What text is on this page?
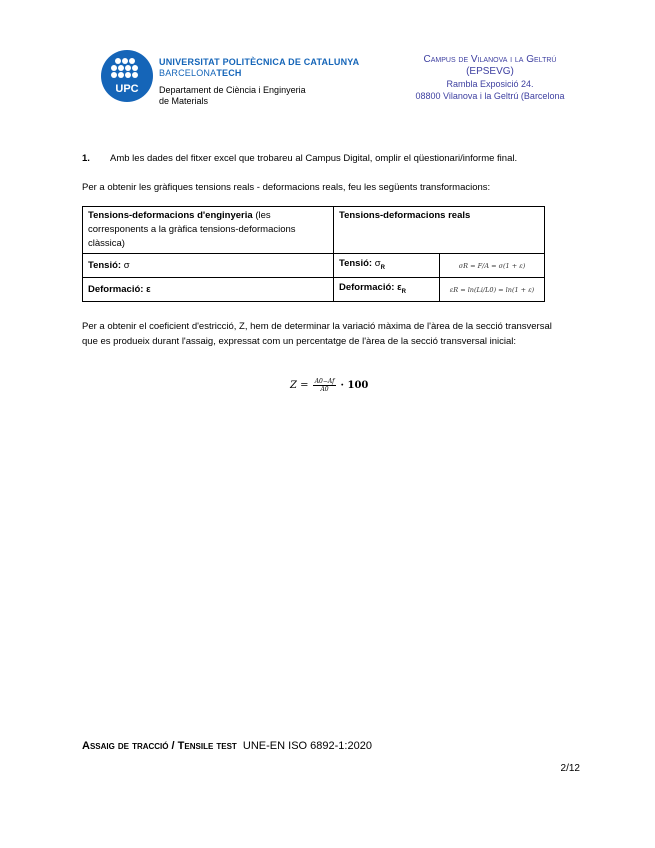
UPC
UNIVERSITAT POLITÈCNICA DE CATALUNYA
BARCELONATECH
Departament de Ciència i Enginyeria
de Materials
Campus de Vilanova i la Geltrú
(EPSEVG)
Rambla Exposició 24.
08800 Vilanova i la Geltrú (Barcelona
1. Amb les dades del fitxer excel que trobareu al Campus Digital, omplir el qüestionari/informe final.
Per a obtenir les gràfiques tensions reals - deformacions reals, feu les següents transformacions:
Tensions-deformacions d'enginyeria (les corresponents a la gràfica tensions-deformacions clàssica)	Tensions-deformacions reals	
Tensió: σ	Tensió: $\sigma_R$	σR = F/A = σ(1 + ε)
Deformació: ε	Deformació: $\varepsilon_R$	εR = ln(Li/L0) = ln(1 + ε)
Per a obtenir el coeficient d'estricció, Z, hem de determinar la variació màxima de l'àrea de la secció transversal que es produeix durant l'assaig, expressat com un percentatge de l'àrea de la secció transversal inicial:
$Z = \frac{A0-Af}{A0} \cdot 100$
Assaig de tracció / Tensile test UNE-EN ISO 6892-1:2020
2/12
